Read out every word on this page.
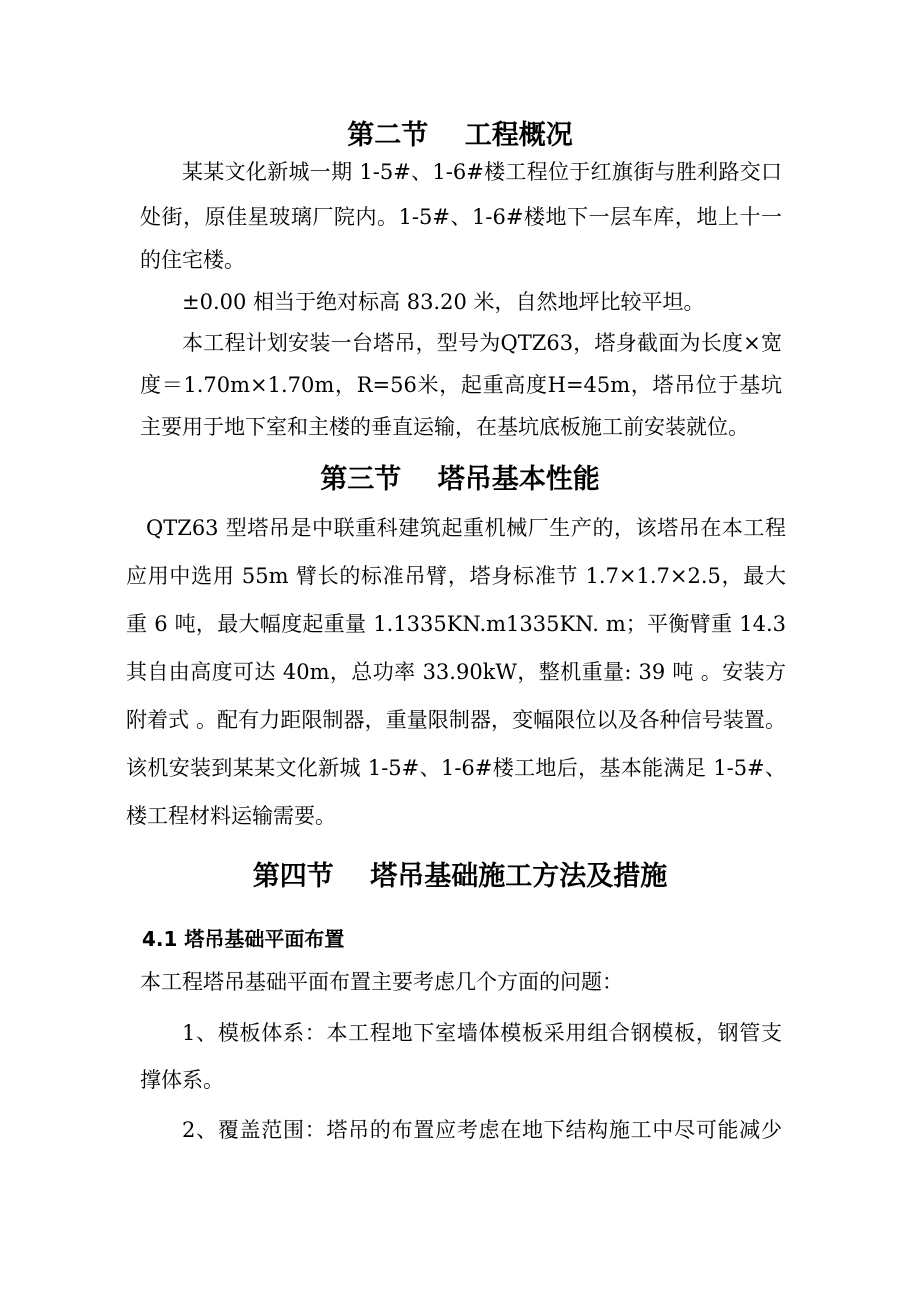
第二节　 工程概况

某某文化新城一期 1-5#、1-6#楼工程位于红旗街与胜利路交口

处街，原佳星玻璃厂院内。1-5#、1-6#楼地下一层车库，地上十一

的住宅楼。

±0.00 相当于绝对标高 83.20 米，自然地坪比较平坦。

本工程计划安装一台塔吊，型号为QTZ63，塔身截面为长度×宽

度＝1.70m×1.70m，R=56米，起重高度H=45m，塔吊位于基坑

主要用于地下室和主楼的垂直运输，在基坑底板施工前安装就位。

第三节　 塔吊基本性能

QTZ63 型塔吊是中联重科建筑起重机械厂生产的，该塔吊在本工程

应用中选用 55m 臂长的标准吊臂，塔身标准节 1.7×1.7×2.5，最大

重 6 吨，最大幅度起重量 1.1335KN.m1335KN. m；平衡臂重 14.3

其自由高度可达 40m，总功率 33.90kW，整机重量: 39 吨 。安装方

附着式 。配有力距限制器，重量限制器，变幅限位以及各种信号装置。

该机安装到某某文化新城 1-5#、1-6#楼工地后，基本能满足 1-5#、

楼工程材料运输需要。

第四节　 塔吊基础施工方法及措施
4.1 塔吊基础平面布置

本工程塔吊基础平面布置主要考虑几个方面的问题：

1、模板体系：本工程地下室墙体模板采用组合钢模板，钢管支

撑体系。

2、覆盖范围：塔吊的布置应考虑在地下结构施工中尽可能减少
